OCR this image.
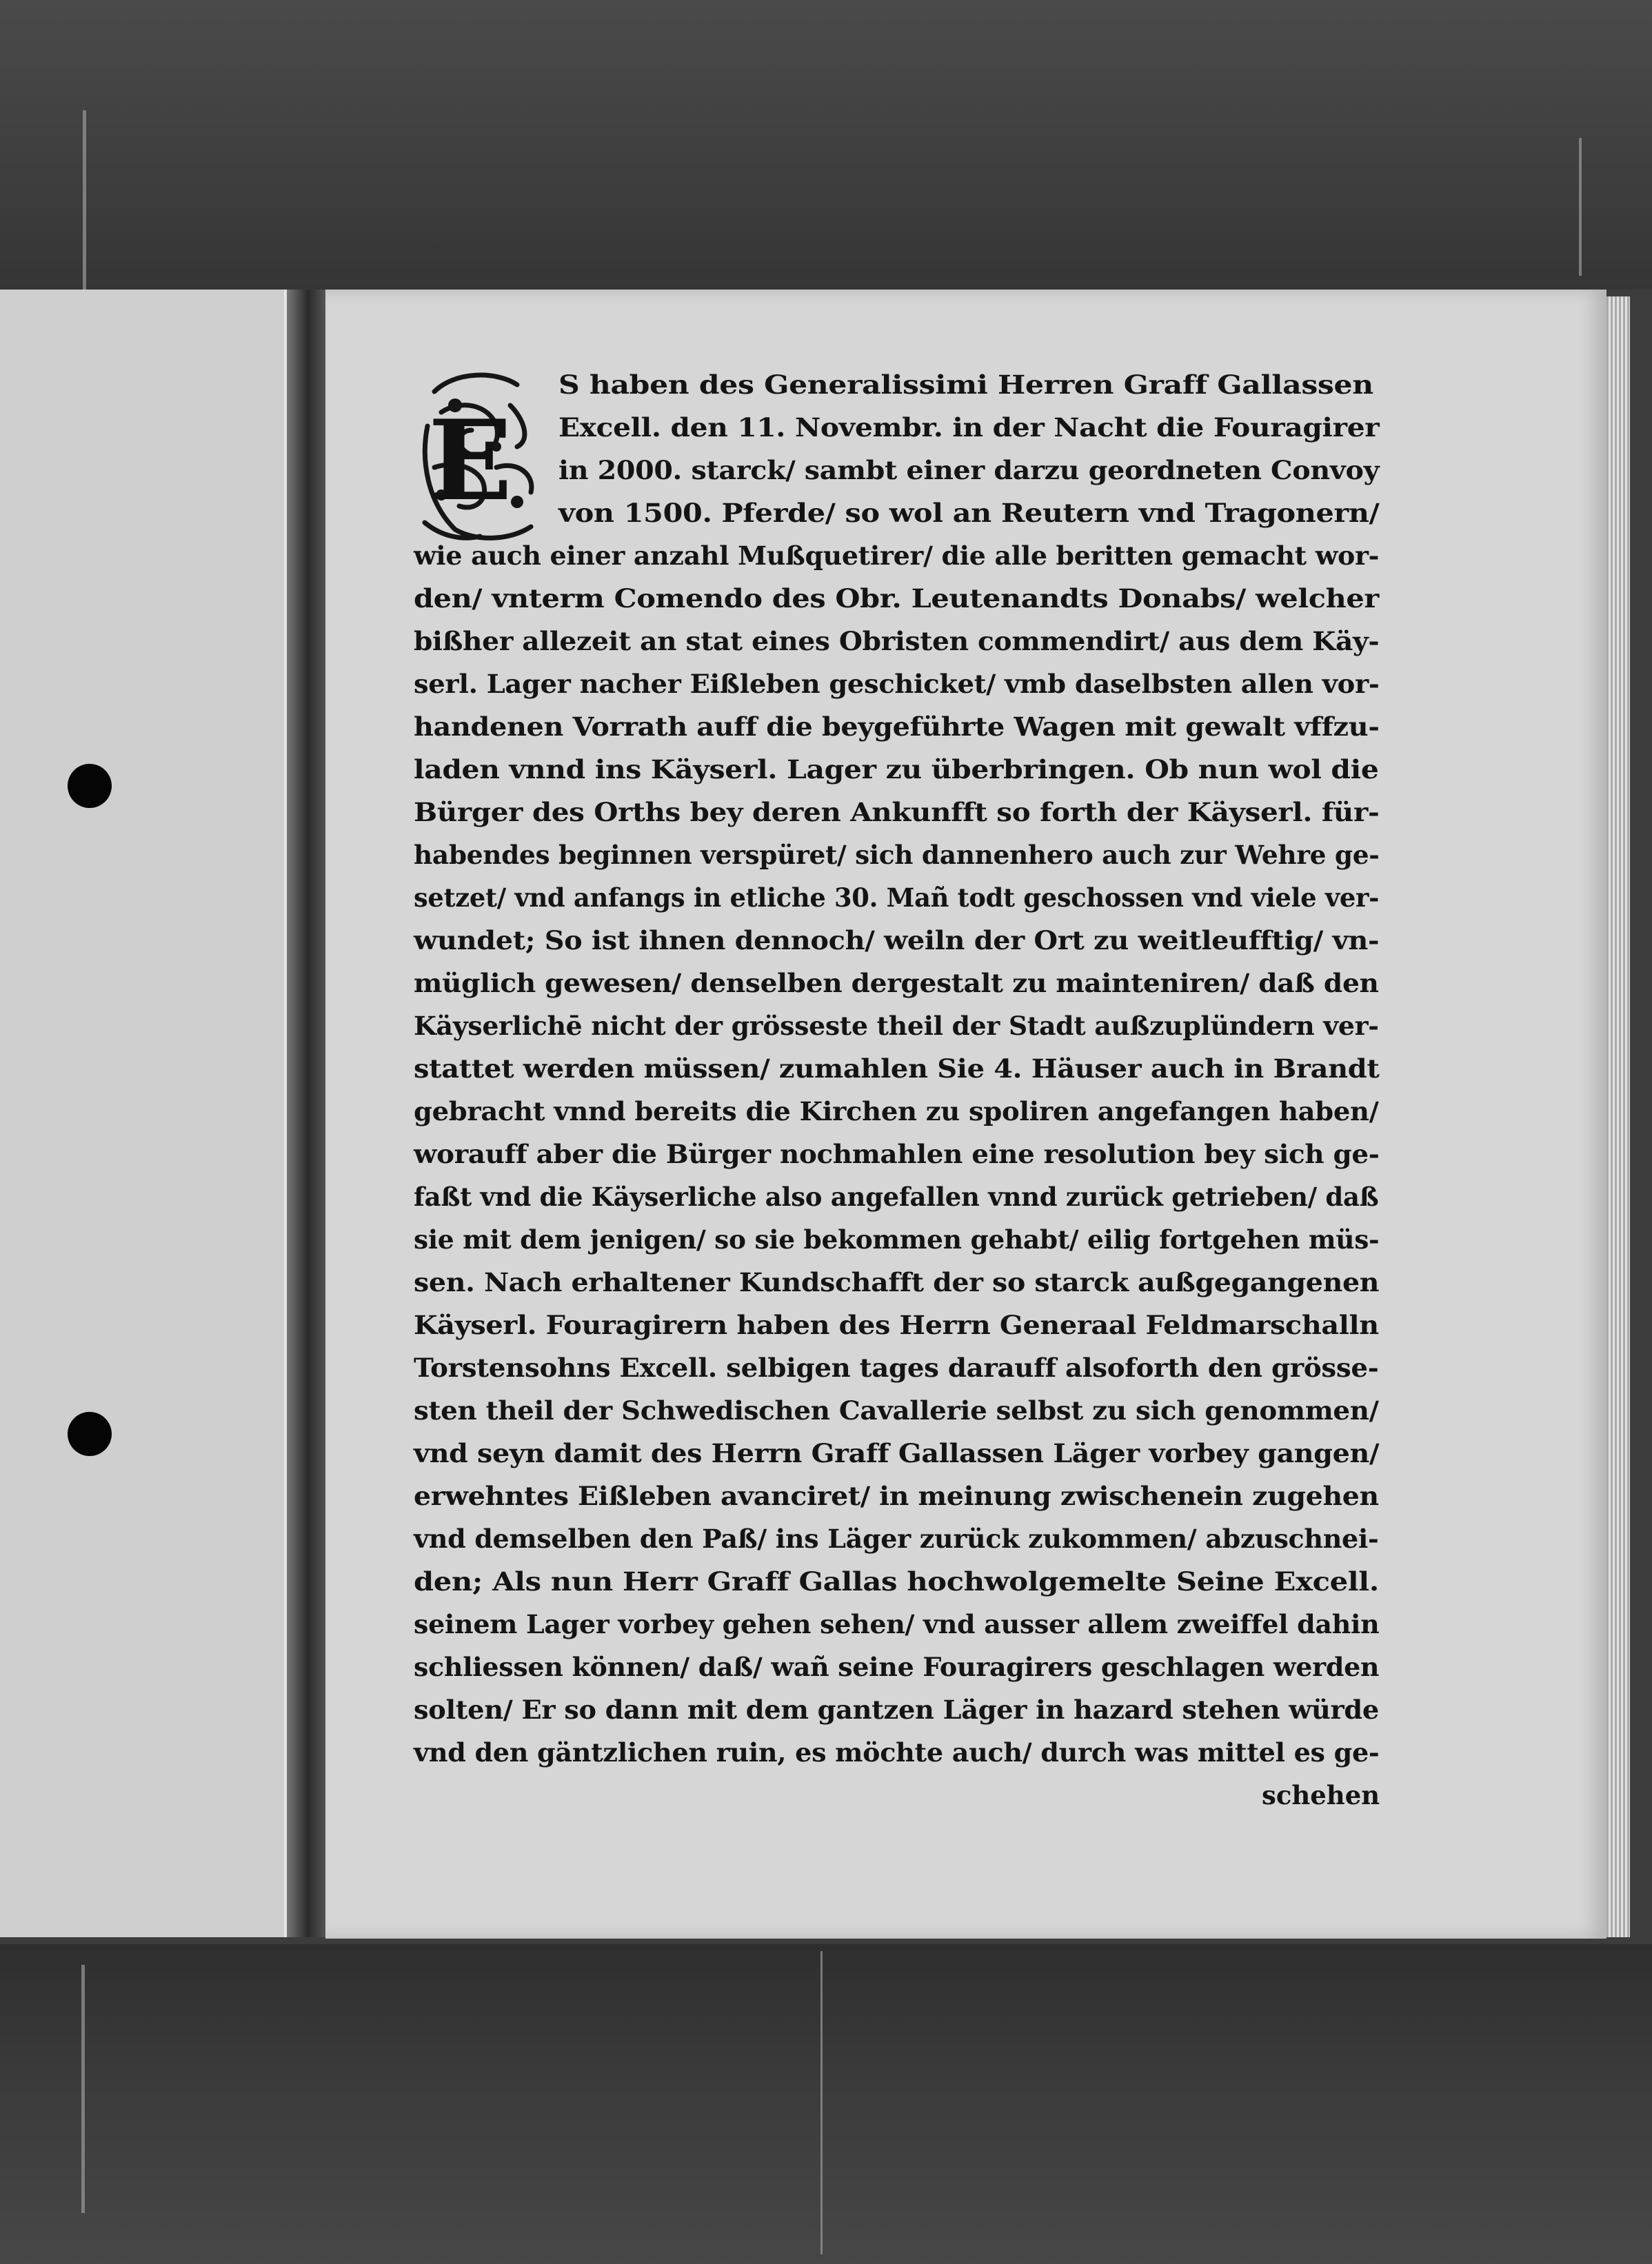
E
S haben des Generalissimi Herren Graff Gallassen
Excell. den 11. Novembr. in der Nacht die Fouragirer
in 2000. starck/ sambt einer darzu geordneten Convoy
von 1500. Pferde/ so wol an Reutern vnd Tragonern/
wie auch einer anzahl Mußquetirer/ die alle beritten gemacht wor-
den/ vnterm Comendo des Obr. Leutenandts Donabs/ welcher
bißher allezeit an stat eines Obristen commendirt/ aus dem Käy-
serl. Lager nacher Eißleben geschicket/ vmb daselbsten allen vor-
handenen Vorrath auff die beygeführte Wagen mit gewalt vffzu-
laden vnnd ins Käyserl. Lager zu überbringen. Ob nun wol die
Bürger des Orths bey deren Ankunfft so forth der Käyserl. für-
habendes beginnen verspüret/ sich dannenhero auch zur Wehre ge-
setzet/ vnd anfangs in etliche 30. Mañ todt geschossen vnd viele ver-
wundet; So ist ihnen dennoch/ weiln der Ort zu weitleufftig/ vn-
müglich gewesen/ denselben dergestalt zu mainteniren/ daß den
Käyserlichē nicht der grösseste theil der Stadt außzuplündern ver-
stattet werden müssen/ zumahlen Sie 4. Häuser auch in Brandt
gebracht vnnd bereits die Kirchen zu spoliren angefangen haben/
worauff aber die Bürger nochmahlen eine resolution bey sich ge-
faßt vnd die Käyserliche also angefallen vnnd zurück getrieben/ daß
sie mit dem jenigen/ so sie bekommen gehabt/ eilig fortgehen müs-
sen. Nach erhaltener Kundschafft der so starck außgegangenen
Käyserl. Fouragirern haben des Herrn Generaal Feldmarschalln
Torstensohns Excell. selbigen tages darauff alsoforth den grösse-
sten theil der Schwedischen Cavallerie selbst zu sich genommen/
vnd seyn damit des Herrn Graff Gallassen Läger vorbey gangen/
erwehntes Eißleben avanciret/ in meinung zwischenein zugehen
vnd demselben den Paß/ ins Läger zurück zukommen/ abzuschnei-
den; Als nun Herr Graff Gallas hochwolgemelte Seine Excell.
seinem Lager vorbey gehen sehen/ vnd ausser allem zweiffel dahin
schliessen können/ daß/ wañ seine Fouragirers geschlagen werden
solten/ Er so dann mit dem gantzen Läger in hazard stehen würde
vnd den gäntzlichen ruin, es möchte auch/ durch was mittel es ge-
schehen
